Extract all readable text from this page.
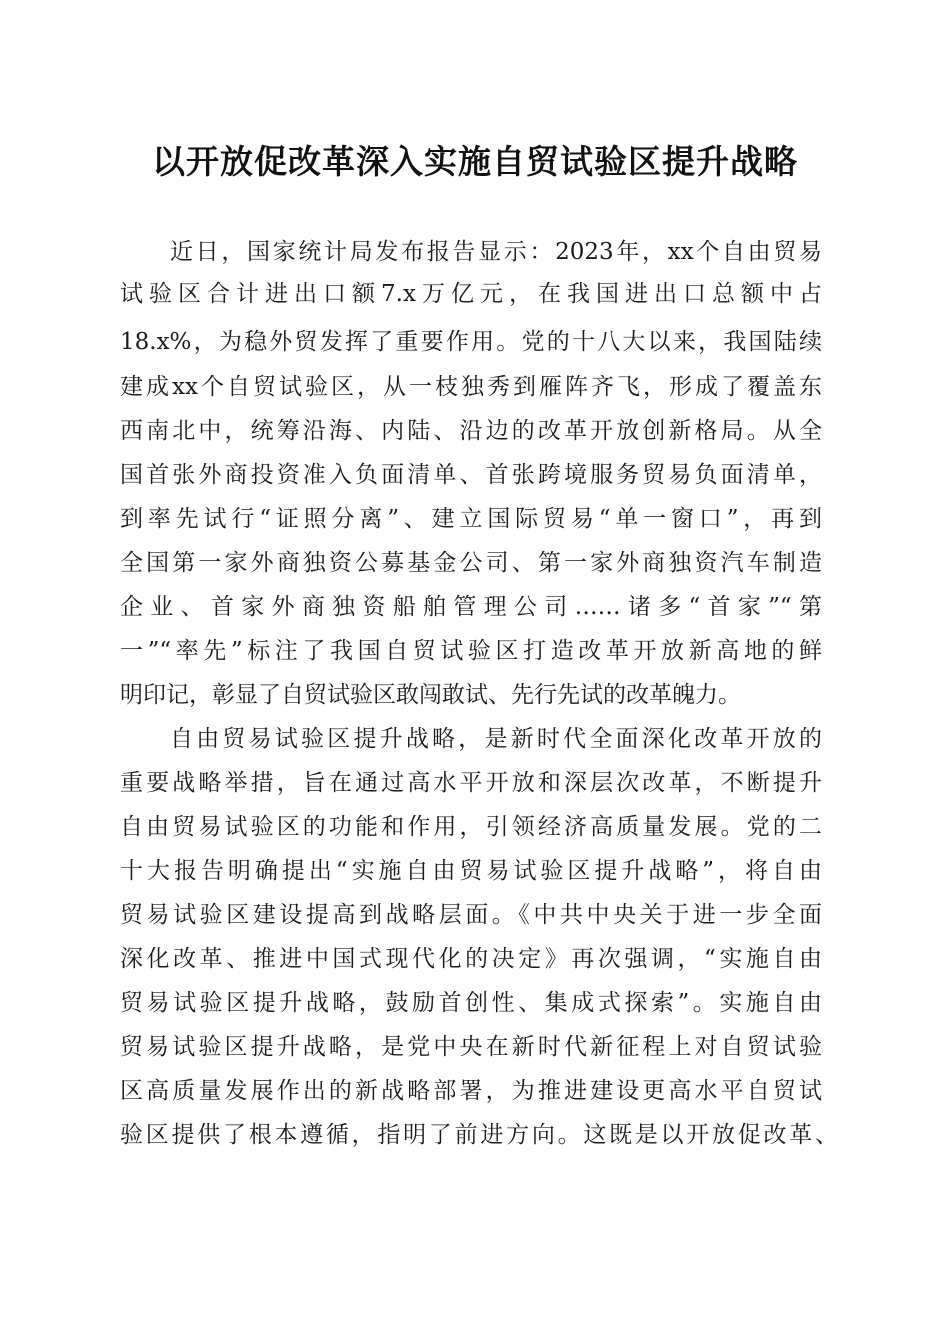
以开放促改革深入实施自贸试验区提升战略

近日，国家统计局发布报告显示：2023年，xx个自由贸易

试验区合计进出口额7.x万亿元，在我国进出口总额中占

18.x%，为稳外贸发挥了重要作用。党的十八大以来，我国陆续

建成xx个自贸试验区，从一枝独秀到雁阵齐飞，形成了覆盖东

西南北中，统筹沿海、内陆、沿边的改革开放创新格局。从全

国首张外商投资准入负面清单、首张跨境服务贸易负面清单，

到率先试行“证照分离”、建立国际贸易“单一窗口”，再到

全国第一家外商独资公募基金公司、第一家外商独资汽车制造

企业、首家外商独资船舶管理公司……诸多“首家”“第

一”“率先”标注了我国自贸试验区打造改革开放新高地的鲜

明印记，彰显了自贸试验区敢闯敢试、先行先试的改革魄力。

自由贸易试验区提升战略，是新时代全面深化改革开放的

重要战略举措，旨在通过高水平开放和深层次改革，不断提升

自由贸易试验区的功能和作用，引领经济高质量发展。党的二

十大报告明确提出“实施自由贸易试验区提升战略”，将自由

贸易试验区建设提高到战略层面。《中共中央关于进一步全面

深化改革、推进中国式现代化的决定》再次强调，“实施自由

贸易试验区提升战略，鼓励首创性、集成式探索”。实施自由

贸易试验区提升战略，是党中央在新时代新征程上对自贸试验

区高质量发展作出的新战略部署，为推进建设更高水平自贸试

验区提供了根本遵循，指明了前进方向。这既是以开放促改革、
